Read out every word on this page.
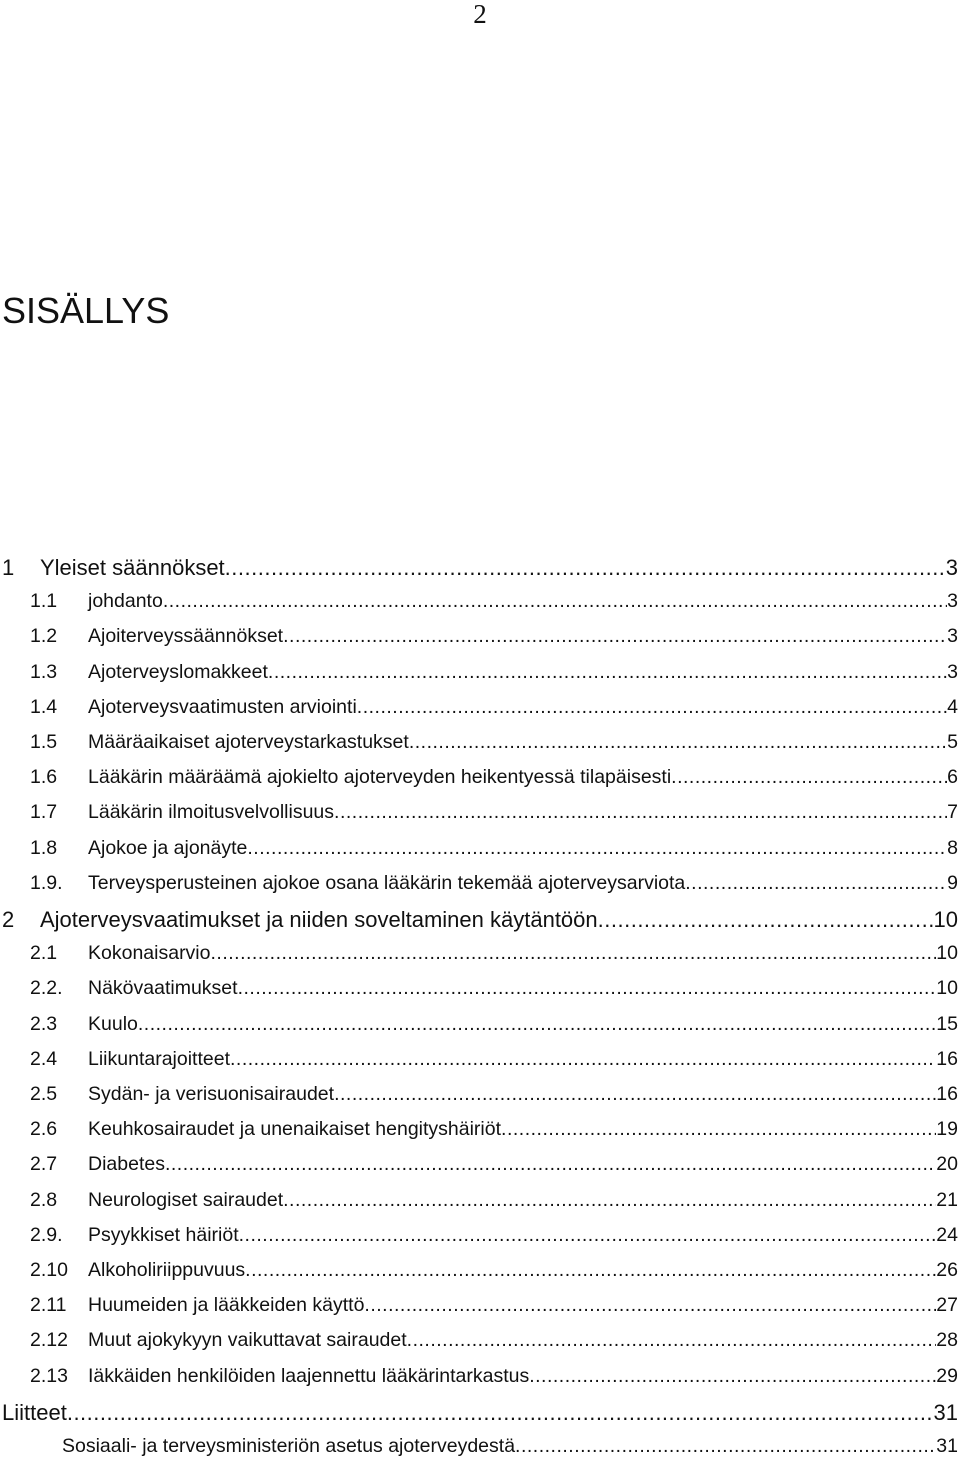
2
SISÄLLYS
1	Yleiset säännökset .....	3
1.1	johdanto .....	3
1.2	Ajoiterveyssäännökset .....	3
1.3	Ajoterveyslomakkeet .....	3
1.4	Ajoterveysvaatimusten arviointi .....	4
1.5	Määräaikaiset ajoterveystarkastukset .....	5
1.6	Lääkärin määräämä ajokielto ajoterveyden heikentyessä tilapäisesti .....	6
1.7	Lääkärin ilmoitusvelvollisuus .....	7
1.8	Ajokoe ja ajonäyte .....	8
1.9.	Terveysperusteinen ajokoe osana lääkärin tekemää ajoterveysarviota .....	9
2	Ajoterveysvaatimukset ja niiden soveltaminen käytäntöön .....	10
2.1	Kokonaisarvio .....	10
2.2.	Näkövaatimukset .....	10
2.3	Kuulo .....	15
2.4	Liikuntarajoitteet .....	16
2.5	Sydän- ja verisuonisairaudet .....	16
2.6	Keuhkosairaudet ja unenaikaiset hengityshäiriöt .....	19
2.7	Diabetes .....	20
2.8	Neurologiset sairaudet .....	21
2.9.	Psyykkiset häiriöt .....	24
2.10	Alkoholiriippuvuus .....	26
2.11	Huumeiden ja lääkkeiden käyttö .....	27
2.12	Muut ajokykyyn vaikuttavat sairaudet .....	28
2.13	Iäkkäiden henkilöiden laajennettu lääkärintarkastus .....	29
Liitteet .....	31
Sosiaali- ja terveysministeriön asetus ajoterveydestä .....	31
